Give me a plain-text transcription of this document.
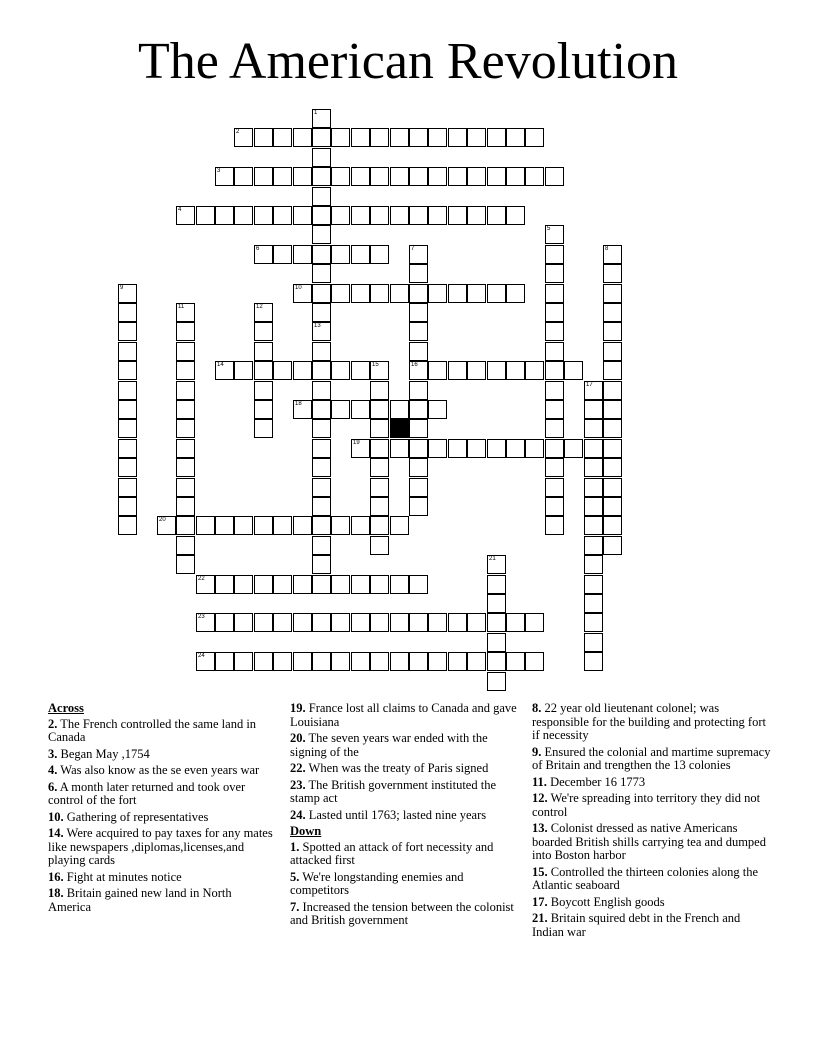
The American Revolution
1
13
2
3
4
5
6	7
16
8
9	10
11	12
14	15
17
18
19
20
21
22
23
24
Across
2. The French controlled the same land in Canada
3. Began May ,1754
4. Was also know as the se even years war
6. A month later returned and took over control of the fort
10. Gathering of representatives
14. Were acquired to pay taxes for any mates like newspapers ,diplomas,licenses,and playing cards
16. Fight at minutes notice
18. Britain gained new land in North America
19. France lost all claims to Canada and gave Louisiana
20. The seven years war ended with the signing of the
22. When was the treaty of Paris signed
23. The British government instituted the stamp act
24. Lasted until 1763; lasted nine years
Down
1. Spotted an attack of fort necessity and attacked first
5. We're longstanding enemies and competitors
7. Increased the tension between the colonist and British government
8. 22 year old lieutenant colonel; was responsible for the building and protecting fort if necessity
9. Ensured the colonial and martime supremacy of Britain and trengthen the 13 colonies
11. December 16 1773
12. We're spreading into territory they did not control
13. Colonist dressed as native Americans boarded British shills carrying tea and dumped into Boston harbor
15. Controlled the thirteen colonies along the Atlantic seaboard
17. Boycott English goods
21. Britain squired debt in the French and Indian war
